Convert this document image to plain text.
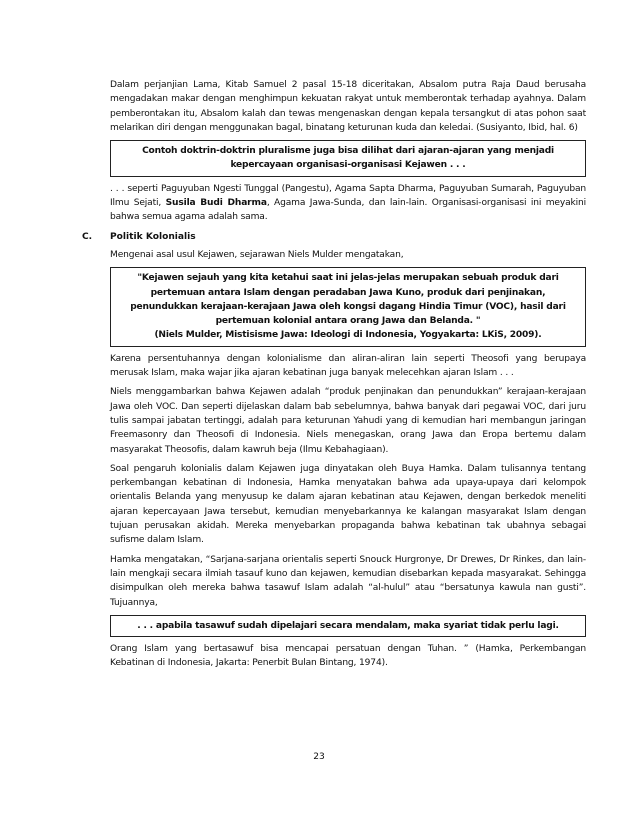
Dalam perjanjian Lama, Kitab Samuel 2 pasal 15-18 diceritakan, Absalom putra Raja Daud berusaha mengadakan makar dengan menghimpun kekuatan rakyat untuk memberontak terhadap ayahnya. Dalam pemberontakan itu, Absalom kalah dan tewas mengenaskan dengan kepala tersangkut di atas pohon saat melarikan diri dengan menggunakan bagal, binatang keturunan kuda dan keledai. (Susiyanto, Ibid, hal. 6)

Contoh doktrin-doktrin pluralisme juga bisa dilihat dari ajaran-ajaran yang menjadi kepercayaan organisasi-organisasi Kejawen . . .

. . . seperti Paguyuban Ngesti Tunggal (Pangestu), Agama Sapta Dharma, Paguyuban Sumarah, Paguyuban Ilmu Sejati, Susila Budi Dharma, Agama Jawa-Sunda, dan lain-lain. Organisasi-organisasi ini meyakini bahwa semua agama adalah sama.

C. Politik Kolonialis

Mengenai asal usul Kejawen, sejarawan Niels Mulder mengatakan,

"Kejawen sejauh yang kita ketahui saat ini jelas-jelas merupakan sebuah produk dari pertemuan antara Islam dengan peradaban Jawa Kuno, produk dari penjinakan, penundukkan kerajaan-kerajaan Jawa oleh kongsi dagang Hindia Timur (VOC), hasil dari pertemuan kolonial antara orang Jawa dan Belanda. "
(Niels Mulder, Mistisisme Jawa: Ideologi di Indonesia, Yogyakarta: LKiS, 2009).

Karena persentuhannya dengan kolonialisme dan aliran-aliran lain seperti Theosofi yang berupaya merusak Islam, maka wajar jika ajaran kebatinan juga banyak melecehkan ajaran Islam . . .

Niels menggambarkan bahwa Kejawen adalah “produk penjinakan dan penundukkan” kerajaan-kerajaan Jawa oleh VOC. Dan seperti dijelaskan dalam bab sebelumnya, bahwa banyak dari pegawai VOC, dari juru tulis sampai jabatan tertinggi, adalah para keturunan Yahudi yang di kemudian hari membangun jaringan Freemasonry dan Theosofi di Indonesia. Niels menegaskan, orang Jawa dan Eropa bertemu dalam masyarakat Theosofis, dalam kawruh beja (Ilmu Kebahagiaan).

Soal pengaruh kolonialis dalam Kejawen juga dinyatakan oleh Buya Hamka. Dalam tulisannya tentang perkembangan kebatinan di Indonesia, Hamka menyatakan bahwa ada upaya-upaya dari kelompok orientalis Belanda yang menyusup ke dalam ajaran kebatinan atau Kejawen, dengan berkedok meneliti ajaran kepercayaan Jawa tersebut, kemudian menyebarkannya ke kalangan masyarakat Islam dengan tujuan perusakan akidah. Mereka menyebarkan propaganda bahwa kebatinan tak ubahnya sebagai sufisme dalam Islam.

Hamka mengatakan, “Sarjana-sarjana orientalis seperti Snouck Hurgronye, Dr Drewes, Dr Rinkes, dan lain-lain mengkaji secara ilmiah tasauf kuno dan kejawen, kemudian disebarkan kepada masyarakat. Sehingga disimpulkan oleh mereka bahwa tasawuf Islam adalah “al-hulul” atau “bersatunya kawula nan gusti”. Tujuannya,

. . . apabila tasawuf sudah dipelajari secara mendalam, maka syariat tidak perlu lagi.

Orang Islam yang bertasawuf bisa mencapai persatuan dengan Tuhan. ” (Hamka, Perkembangan Kebatinan di Indonesia, Jakarta: Penerbit Bulan Bintang, 1974).

23
